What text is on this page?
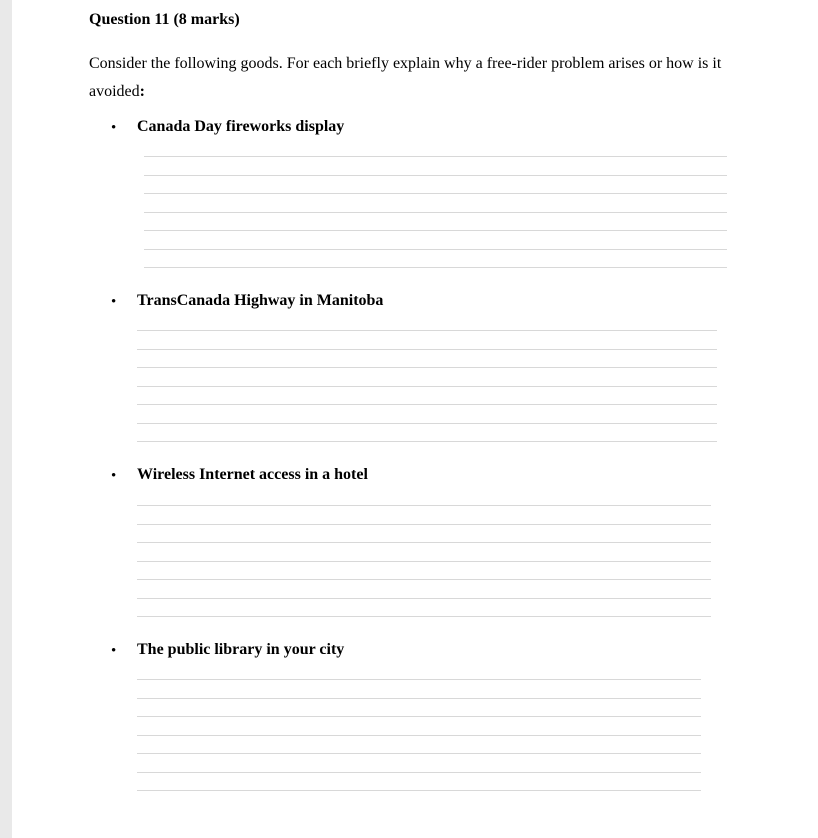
Question 11 (8 marks)
Consider the following goods. For each briefly explain why a free-rider problem arises or how is it avoided:
• Canada Day fireworks display
• TransCanada Highway in Manitoba
• Wireless Internet access in a hotel
• The public library in your city
